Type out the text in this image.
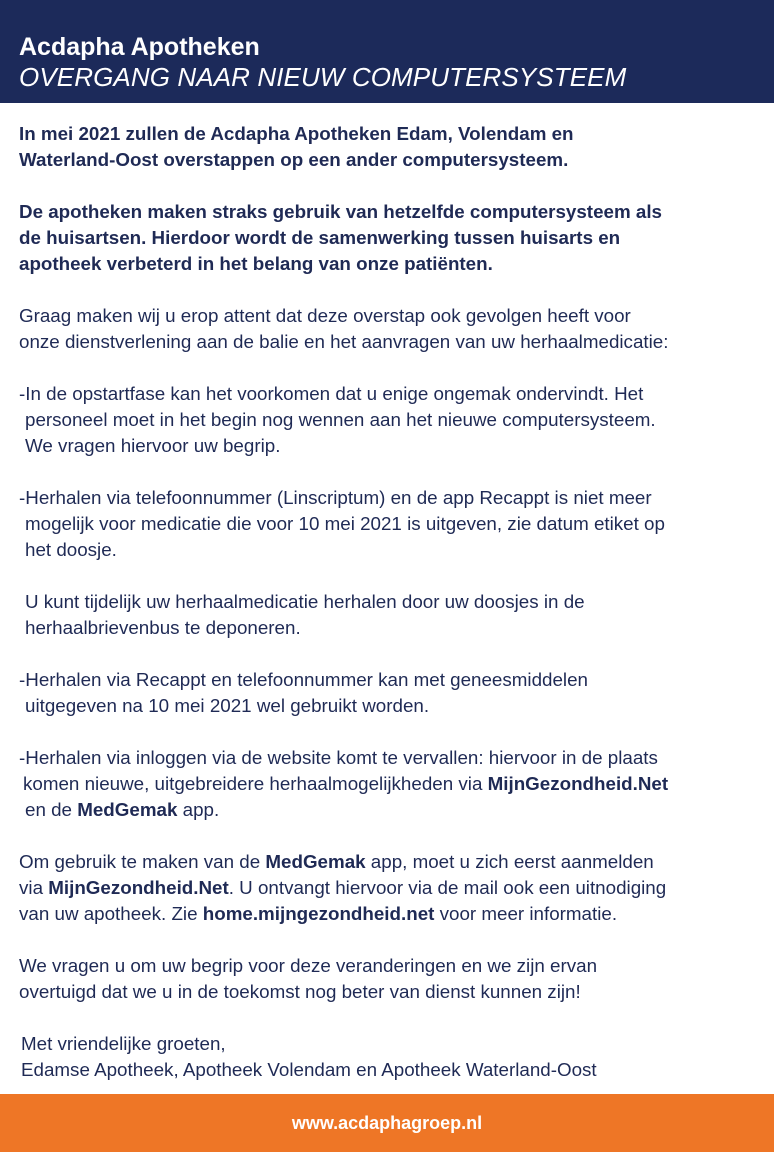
Acdapha Apotheken

OVERGANG NAAR NIEUW COMPUTERSYSTEEM

In mei 2021 zullen de Acdapha Apotheken Edam, Volendam en

Waterland-Oost overstappen op een ander computersysteem.

De apotheken maken straks gebruik van hetzelfde computersysteem als

de huisartsen. Hierdoor wordt de samenwerking tussen huisarts en

apotheek verbeterd in het belang van onze patiënten.

Graag maken wij u erop attent dat deze overstap ook gevolgen heeft voor

onze dienstverlening aan de balie en het aanvragen van uw herhaalmedicatie:

-In de opstartfase kan het voorkomen dat u enige ongemak ondervindt. Het

personeel moet in het begin nog wennen aan het nieuwe computersysteem.

We vragen hiervoor uw begrip.

-Herhalen via telefoonnummer (Linscriptum) en de app Recappt is niet meer

mogelijk voor medicatie die voor 10 mei 2021 is uitgeven, zie datum etiket op

het doosje.

U kunt tijdelijk uw herhaalmedicatie herhalen door uw doosjes in de

herhaalbrievenbus te deponeren.

-Herhalen via Recappt en telefoonnummer kan met geneesmiddelen

uitgegeven na 10 mei 2021 wel gebruikt worden.

-Herhalen via inloggen via de website komt te vervallen: hiervoor in de plaats

komen nieuwe, uitgebreidere herhaalmogelijkheden via MijnGezondheid.Net

en de MedGemak app.

Om gebruik te maken van de MedGemak app, moet u zich eerst aanmelden

via MijnGezondheid.Net. U ontvangt hiervoor via de mail ook een uitnodiging

van uw apotheek. Zie home.mijngezondheid.net voor meer informatie.

We vragen u om uw begrip voor deze veranderingen en we zijn ervan

overtuigd dat we u in de toekomst nog beter van dienst kunnen zijn!

Met vriendelijke groeten,

Edamse Apotheek, Apotheek Volendam en Apotheek Waterland-Oost

www.acdaphagroep.nl
